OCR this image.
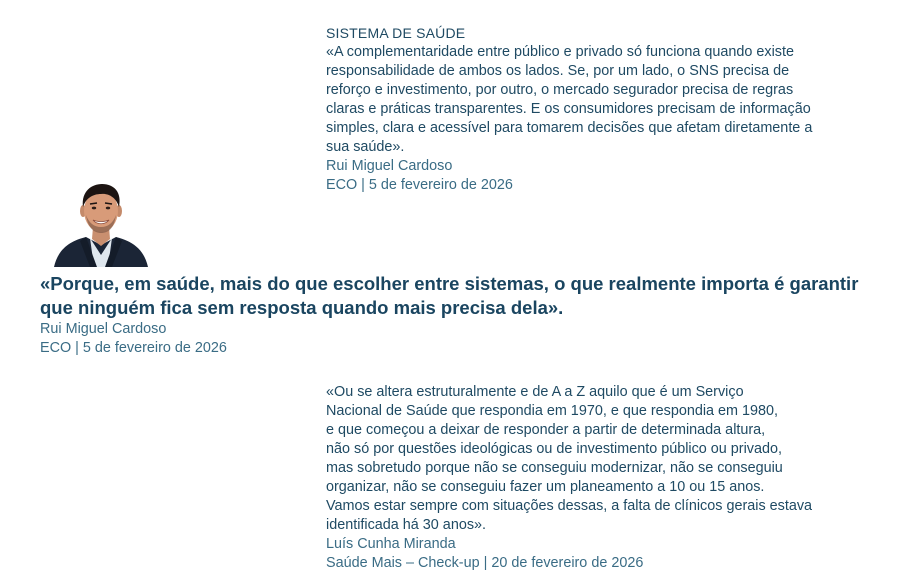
SISTEMA DE SAÚDE
«A complementaridade entre público e privado só funciona quando existe
responsabilidade de ambos os lados. Se, por um lado, o SNS precisa de
reforço e investimento, por outro, o mercado segurador precisa de regras
claras e práticas transparentes. E os consumidores precisam de informação
simples, clara e acessível para tomarem decisões que afetam diretamente a
sua saúde».
Rui Miguel Cardoso
ECO | 5 de fevereiro de 2026
«Porque, em saúde, mais do que escolher entre sistemas, o que realmente importa é garantir
que ninguém fica sem resposta quando mais precisa dela».
Rui Miguel Cardoso
ECO | 5 de fevereiro de 2026
«Ou se altera estruturalmente e de A a Z aquilo que é um Serviço
Nacional de Saúde que respondia em 1970, e que respondia em 1980,
e que começou a deixar de responder a partir de determinada altura,
não só por questões ideológicas ou de investimento público ou privado,
mas sobretudo porque não se conseguiu modernizar, não se conseguiu
organizar, não se conseguiu fazer um planeamento a 10 ou 15 anos.
Vamos estar sempre com situações dessas, a falta de clínicos gerais estava
identificada há 30 anos».
Luís Cunha Miranda
Saúde Mais – Check-up | 20 de fevereiro de 2026
